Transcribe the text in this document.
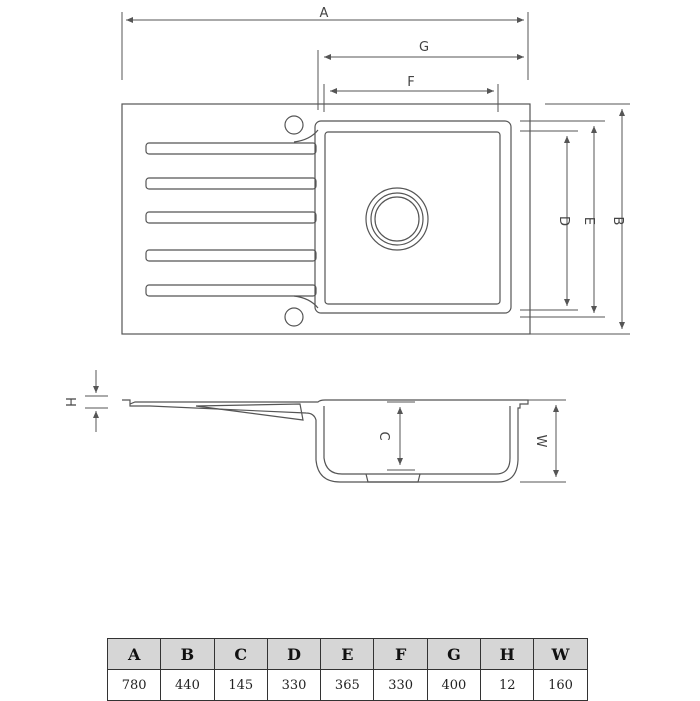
A
G
F
D E B
H
C	W
A	B	C	D	E	F	G	H	W
780	440	145	330	365	330	400	12	160
